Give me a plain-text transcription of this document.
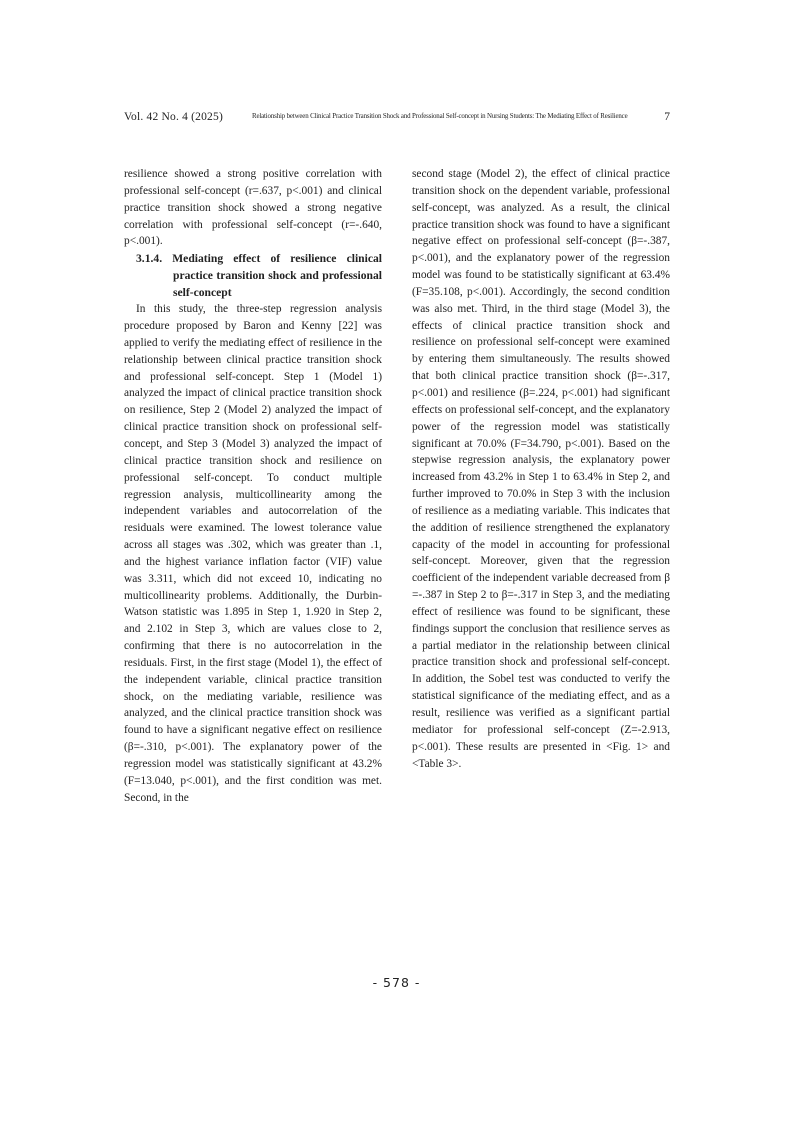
Vol. 42 No. 4 (2025)	Relationship between Clinical Practice Transition Shock and Professional Self-concept in Nursing Students: The Mediating Effect of Resilience	7

resilience showed a strong positive correlation with professional self-concept (r=.637, p<.001) and clinical practice transition shock showed a strong negative correlation with professional self-concept (r=-.640, p<.001).

3.1.4. Mediating effect of resilience clinical practice transition shock and professional self-concept

In this study, the three-step regression analysis procedure proposed by Baron and Kenny [22] was applied to verify the mediating effect of resilience in the relationship between clinical practice transition shock and professional self-concept. Step 1 (Model 1) analyzed the impact of clinical practice transition shock on resilience, Step 2 (Model 2) analyzed the impact of clinical practice transition shock on professional self-concept, and Step 3 (Model 3) analyzed the impact of clinical practice transition shock and resilience on professional self-concept. To conduct multiple regression analysis, multicollinearity among the independent variables and autocorrelation of the residuals were examined. The lowest tolerance value across all stages was .302, which was greater than .1, and the highest variance inflation factor (VIF) value was 3.311, which did not exceed 10, indicating no multicollinearity problems. Additionally, the Durbin-Watson statistic was 1.895 in Step 1, 1.920 in Step 2, and 2.102 in Step 3, which are values close to 2, confirming that there is no autocorrelation in the residuals. First, in the first stage (Model 1), the effect of the independent variable, clinical practice transition shock, on the mediating variable, resilience was analyzed, and the clinical practice transition shock was found to have a significant negative effect on resilience (β=-.310, p<.001). The explanatory power of the regression model was statistically significant at 43.2% (F=13.040, p<.001), and the first condition was met. Second, in the

second stage (Model 2), the effect of clinical practice transition shock on the dependent variable, professional self-concept, was analyzed. As a result, the clinical practice transition shock was found to have a significant negative effect on professional self-concept (β=-.387, p<.001), and the explanatory power of the regression model was found to be statistically significant at 63.4% (F=35.108, p<.001). Accordingly, the second condition was also met. Third, in the third stage (Model 3), the effects of clinical practice transition shock and resilience on professional self-concept were examined by entering them simultaneously. The results showed that both clinical practice transition shock (β=-.317, p<.001) and resilience (β=.224, p<.001) had significant effects on professional self-concept, and the explanatory power of the regression model was statistically significant at 70.0% (F=34.790, p<.001). Based on the stepwise regression analysis, the explanatory power increased from 43.2% in Step 1 to 63.4% in Step 2, and further improved to 70.0% in Step 3 with the inclusion of resilience as a mediating variable. This indicates that the addition of resilience strengthened the explanatory capacity of the model in accounting for professional self-concept. Moreover, given that the regression coefficient of the independent variable decreased from β =-.387 in Step 2 to β=-.317 in Step 3, and the mediating effect of resilience was found to be significant, these findings support the conclusion that resilience serves as a partial mediator in the relationship between clinical practice transition shock and professional self-concept. In addition, the Sobel test was conducted to verify the statistical significance of the mediating effect, and as a result, resilience was verified as a significant partial mediator for professional self-concept (Z=-2.913, p<.001). These results are presented in <Fig. 1> and <Table 3>.

- 578 -
